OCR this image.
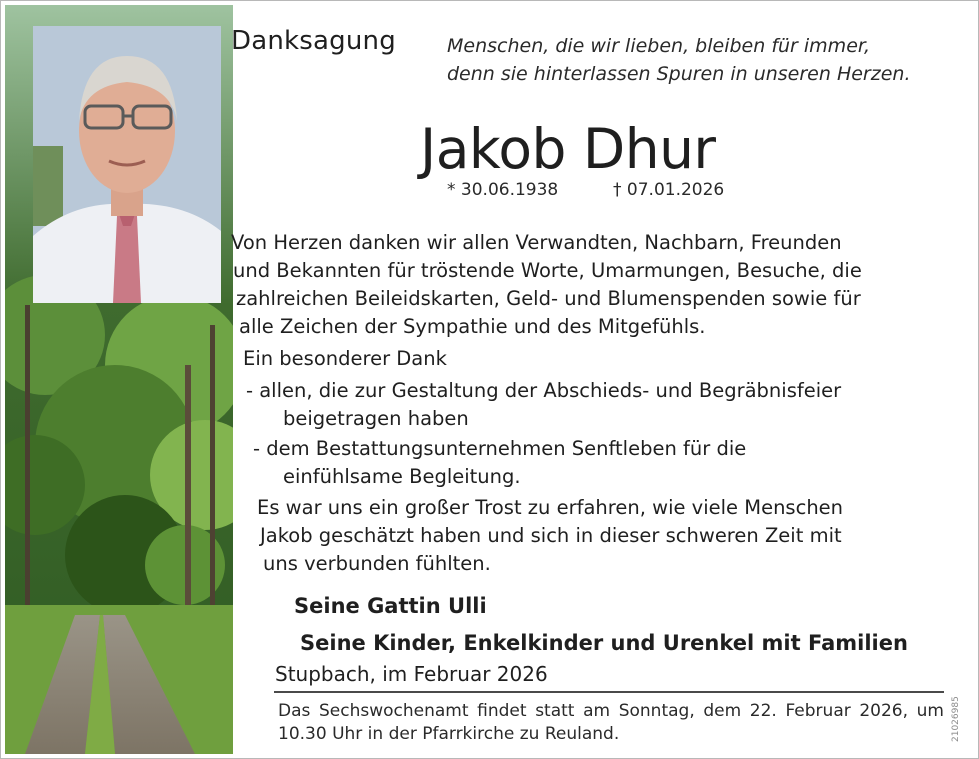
Danksagung	Menschen, die wir lieben, bleiben für immer,
denn sie hinterlassen Spuren in unseren Herzen.
Jakob Dhur
* 30.06.1938	† 07.01.2026
Von Herzen danken wir allen Verwandten, Nachbarn, Freunden
und Bekannten für tröstende Worte, Umarmungen, Besuche, die
zahlreichen Beileidskarten, Geld- und Blumenspenden sowie für
alle Zeichen der Sympathie und des Mitgefühls.
Ein besonderer Dank
- allen, die zur Gestaltung der Abschieds- und Begräbnisfeier
beigetragen haben
- dem Bestattungsunternehmen Senftleben für die
einfühlsame Begleitung.
Es war uns ein großer Trost zu erfahren, wie viele Menschen
Jakob geschätzt haben und sich in dieser schweren Zeit mit
uns verbunden fühlten.
Seine Gattin Ulli
Seine Kinder, Enkelkinder und Urenkel mit Familien
Stupbach, im Februar 2026
Das Sechswochenamt findet statt am Sonntag, dem 22. Februar 2026, um 10.30 Uhr in der Pfarrkirche zu Reuland.	21026985
